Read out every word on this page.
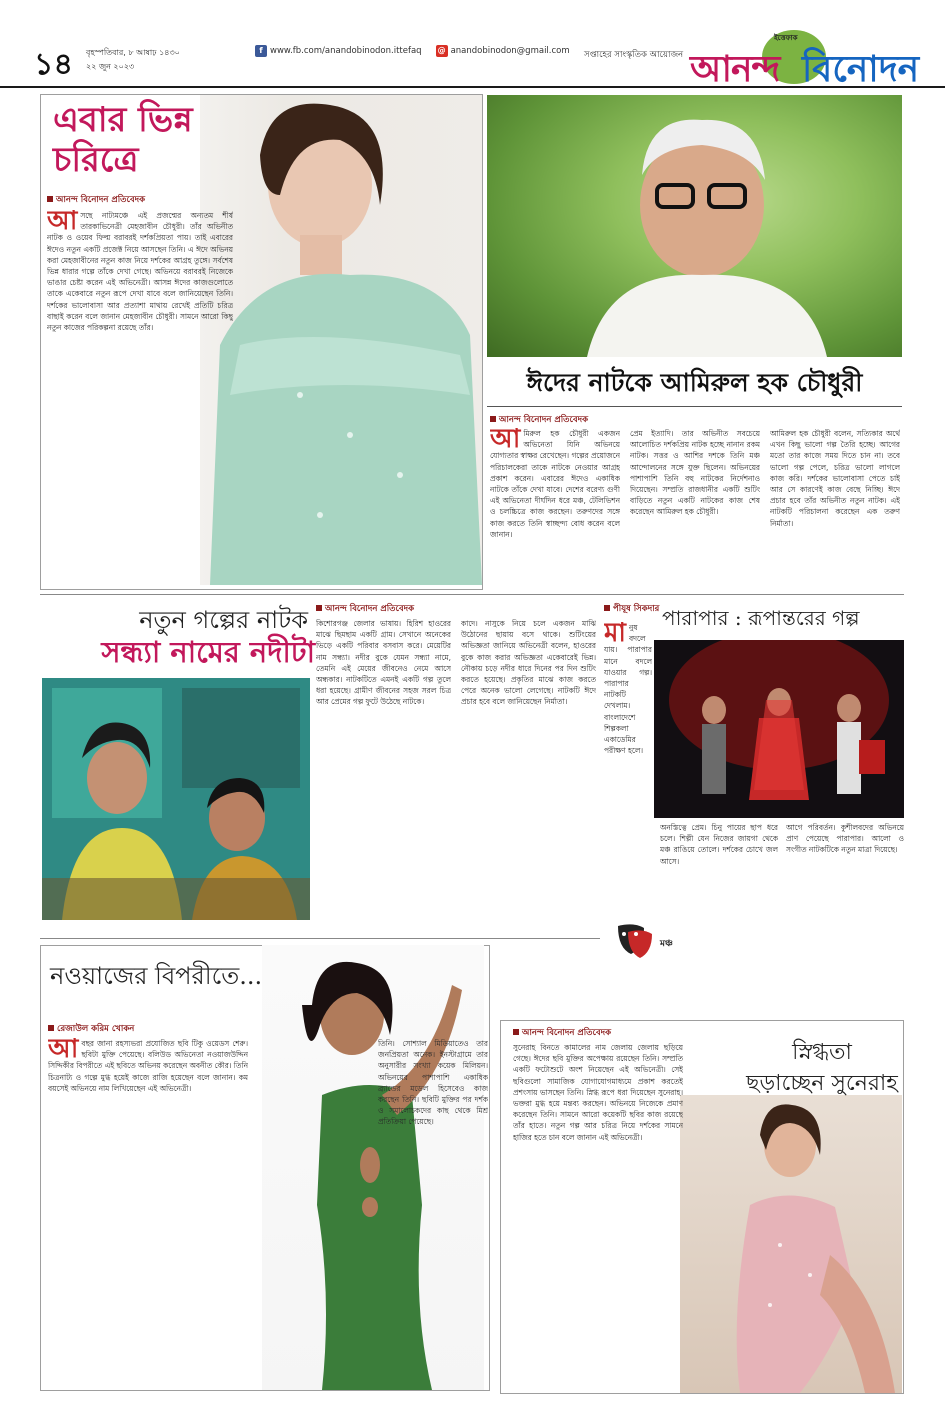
১৪ বৃহস্পতিবার, ৮ আষাঢ় ১৪৩০
২২ জুন ২০২৩
f www.fb.com/anandobinodon.ittefaq @ anandobinodon@gmail.com সপ্তাহের সাংস্কৃতিক আয়োজন
ইত্তেফাক
আনন্দ বিনোদন
এবার ভিন্ন চরিত্রে
আনন্দ বিনোদন প্রতিবেদক
আসছে নাট্যমঞ্চে এই প্রজন্মের অন্যতম শীর্ষ তারকাভিনেত্রী মেহজাবীন চৌধুরী। তাঁর অভিনীত নাটক ও ওয়েব ফিল্ম বরাবরই দর্শকপ্রিয়তা পায়। তাই এবারের ঈদেও নতুন একটি প্রজেক্ট নিয়ে আসছেন তিনি। এ ঈদে অভিনয় করা মেহজাবীনের নতুন কাজ নিয়ে দর্শকের আগ্রহ তুঙ্গে। সর্বশেষ ভিন্ন ধারার গল্পে তাঁকে দেখা গেছে। অভিনয়ে বরাবরই নিজেকে ভাঙার চেষ্টা করেন এই অভিনেত্রী। আসন্ন ঈদের কাজগুলোতে তাকে একেবারে নতুন রূপে দেখা যাবে বলে জানিয়েছেন তিনি। দর্শকের ভালোবাসা আর প্রত্যাশা মাথায় রেখেই প্রতিটি চরিত্র বাছাই করেন বলে জানান মেহজাবীন চৌধুরী। সামনে আরো কিছু নতুন কাজের পরিকল্পনা রয়েছে তাঁর।
ঈদের নাটকে আমিরুল হক চৌধুরী
আনন্দ বিনোদন প্রতিবেদক
আমিরুল হক চৌধুরী একজন অভিনেতা যিনি অভিনয়ে যোগ্যতার স্বাক্ষর রেখেছেন। গল্পের প্রয়োজনে পরিচালকেরা তাকে নাটকে নেওয়ার আগ্রহ প্রকাশ করেন। এবারের ঈদেও একাধিক নাটকে তাঁকে দেখা যাবে। দেশের বরেণ্য গুণী এই অভিনেতা দীর্ঘদিন ধরে মঞ্চ, টেলিভিশন ও চলচ্চিত্রে কাজ করছেন। তরুণদের সঙ্গে কাজ করতে তিনি স্বাচ্ছন্দ্য বোধ করেন বলে জানান।
প্রেম ইত্যাদি। তার অভিনীত সবচেয়ে আলোচিত দর্শকপ্রিয় নাটক হচ্ছে নানান রকম নাটক। সত্তর ও আশির দশকে তিনি মঞ্চ আন্দোলনের সঙ্গে যুক্ত ছিলেন। অভিনয়ের পাশাপাশি তিনি বহু নাটকের নির্দেশনাও দিয়েছেন। সম্প্রতি রাজধানীর একটি শুটিং বাড়িতে নতুন একটি নাটকের কাজ শেষ করেছেন আমিরুল হক চৌধুরী।
আমিরুল হক চৌধুরী বলেন, সত্যিকার অর্থে এখন কিছু ভালো গল্প তৈরি হচ্ছে। আগের মতো তার কাজে সময় দিতে চান না। তবে ভালো গল্প পেলে, চরিত্র ভালো লাগলে কাজ করি। দর্শকের ভালোবাসা পেতে চাই আর সে কারণেই কাজ বেছে নিচ্ছি। ঈদে প্রচার হবে তাঁর অভিনীত নতুন নাটক। এই নাটকটি পরিচালনা করেছেন এক তরুণ নির্মাতা।
নতুন গল্পের নাটক
সন্ধ্যা নামের নদীটা
আনন্দ বিনোদন প্রতিবেদক
কিশোরগঞ্জ জেলার ভাষায়। হিরিশ হাওরের মাঝে ছিমছাম একটি গ্রাম। সেখানে অনেকের ভিড়ে একটি পরিবার বসবাস করে। মেয়েটির নাম সন্ধ্যা। নদীর বুকে যেমন সন্ধ্যা নামে, তেমনি এই মেয়ের জীবনেও নেমে আসে অন্ধকার। নাটকটিতে এমনই একটি গল্প তুলে ধরা হয়েছে। গ্রামীণ জীবনের সহজ সরল চিত্র আর প্রেমের গল্প ফুটে উঠেছে নাটকে।
কাদে। নাসুকে নিয়ে চলে একজন মাঝি উঠোনের ছায়ায় বসে থাকে। শুটিংয়ের অভিজ্ঞতা জানিয়ে অভিনেত্রী বলেন, হাওরের বুকে কাজ করার অভিজ্ঞতা একেবারেই ভিন্ন। নৌকায় চড়ে নদীর ধারে দিনের পর দিন শুটিং করতে হয়েছে। প্রকৃতির মাঝে কাজ করতে পেরে অনেক ভালো লেগেছে। নাটকটি ঈদে প্রচার হবে বলে জানিয়েছেন নির্মাতা।
পীযূষ সিকদার পারাপার : রূপান্তরের গল্প
মানুষ বদলে যায়। পারাপার মানে বদলে যাওয়ার গল্প। পারাপার নাটকটি দেখলাম। বাংলাদেশে শিল্পকলা একাডেমির পরীক্ষণ হলে।
অনস্তিত্বে প্রেম। চিনু পায়ের ছাপ ধরে চলে। শিল্পী যেন নিজের জায়গা থেকে মঞ্চ রাঙিয়ে তোলে। দর্শকের চোখে জল আসে।
আগে পরিবর্তন। কুশীলবদের অভিনয়ে প্রাণ পেয়েছে পারাপার। আলো ও সংগীত নাটকটিকে নতুন মাত্রা দিয়েছে।
মঞ্চ
নওয়াজের বিপরীতে...
রেজাউল করিম খোকন
আবছর জানা রহস্যভরা প্রযোজিত ছবি টিকু ওয়েডস শেরু। ছবিটা মুক্তি পেয়েছে। বলিউড অভিনেতা নওয়াজউদ্দিন সিদ্দিকীর বিপরীতে এই ছবিতে অভিনয় করেছেন অবনীত কৌর। তিনি চিত্রনাট্য ও গল্পে মুগ্ধ হয়েই কাজে রাজি হয়েছেন বলে জানান। কম বয়সেই অভিনয়ে নাম লিখিয়েছেন এই অভিনেত্রী।
তিনি। সোশ্যাল মিডিয়াতেও তার জনপ্রিয়তা অনেক। ইনস্টাগ্রামে তার অনুসারীর সংখ্যা কয়েক মিলিয়ন। অভিনয়ের পাশাপাশি একাধিক ব্র্যান্ডের মডেল হিসেবেও কাজ করছেন তিনি। ছবিটি মুক্তির পর দর্শক ও সমালোচকদের কাছ থেকে মিশ্র প্রতিক্রিয়া পেয়েছে।
আনন্দ বিনোদন প্রতিবেদক
স্নিগ্ধতা
ছড়াচ্ছেন সুনেরাহ
সুনেরাহ বিনতে কামালের নাম জেলায় জেলায় ছড়িয়ে গেছে। ঈদের ছবি মুক্তির অপেক্ষায় রয়েছেন তিনি। সম্প্রতি একটি ফটোশুটে অংশ নিয়েছেন এই অভিনেত্রী। সেই ছবিগুলো সামাজিক যোগাযোগমাধ্যমে প্রকাশ করতেই প্রশংসায় ভাসছেন তিনি। স্নিগ্ধ রূপে ধরা দিয়েছেন সুনেরাহ। ভক্তরা মুগ্ধ হয়ে মন্তব্য করছেন। অভিনয়ে নিজেকে প্রমাণ করেছেন তিনি। সামনে আরো কয়েকটি ছবির কাজ রয়েছে তাঁর হাতে। নতুন গল্প আর চরিত্র নিয়ে দর্শকের সামনে হাজির হতে চান বলে জানান এই অভিনেত্রী।
